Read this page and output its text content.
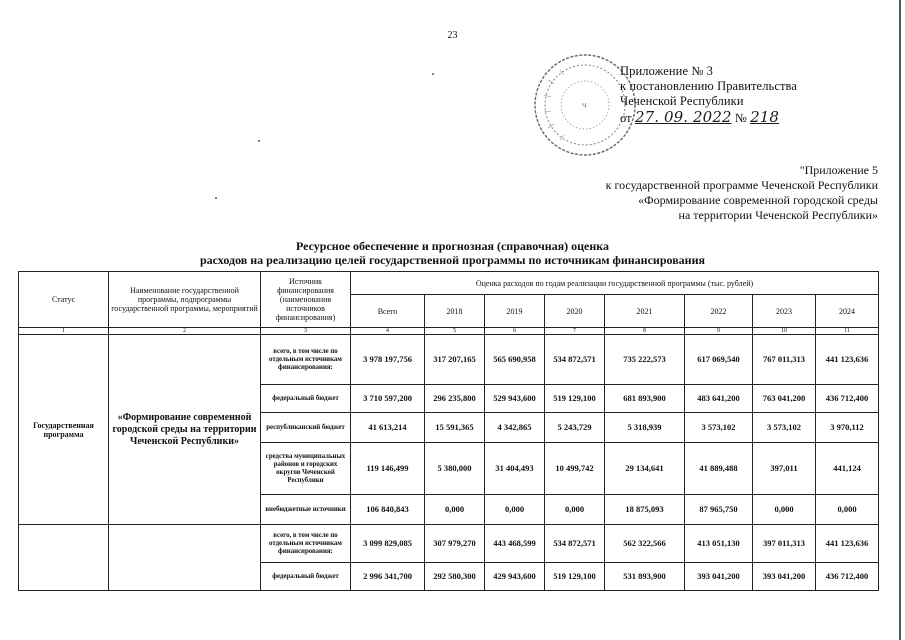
23
Ч
Приложение № 3
к постановлению Правительства
Чеченской Республики
от 27. 09. 2022 № 218
"Приложение 5
к государственной программе Чеченской Республики
«Формирование современной городской среды
на территории Чеченской Республики»
Ресурсное обеспечение и прогнозная (справочная) оценка
расходов на реализацию целей государственной программы по источникам финансирования
Статус	Наименование государственной программы, подпрограммы государственной программы, мероприятий	Источник финансирования (наименования источников финансирования)	Оценка расходов по годам реализации государственной программы (тыс. рублей)							
			Всего	2018	2019	2020	2021	2022	2023	2024
1	2	3	4	5	6	7	8	9	10	11
Государственная программа	«Формирование современной городской среды на территории Чеченской Республики»	всего, в том числе по отдельным источникам финансирования:	3 978 197,756	317 207,165	565 690,958	534 872,571	735 222,573	617 069,540	767 011,313	441 123,636
		федеральный бюджет	3 710 597,200	296 235,800	529 943,600	519 129,100	681 893,900	483 641,200	763 041,200	436 712,400
		республиканский бюджет	41 613,214	15 591,365	4 342,865	5 243,729	5 318,939	3 573,102	3 573,102	3 970,112
		средства муниципальных районов и городских округов Чеченской Республики	119 146,499	5 380,000	31 404,493	10 499,742	29 134,641	41 889,488	397,011	441,124
		внебюджетные источники	106 840,843	0,000	0,000	0,000	18 875,093	87 965,750	0,000	0,000
		всего, в том числе по отдельным источникам финансирования:	3 099 829,085	307 979,270	443 468,599	534 872,571	562 322,566	413 051,130	397 011,313	441 123,636
		федеральный бюджет	2 996 341,700	292 580,300	429 943,600	519 129,100	531 893,900	393 041,200	393 041,200	436 712,400
